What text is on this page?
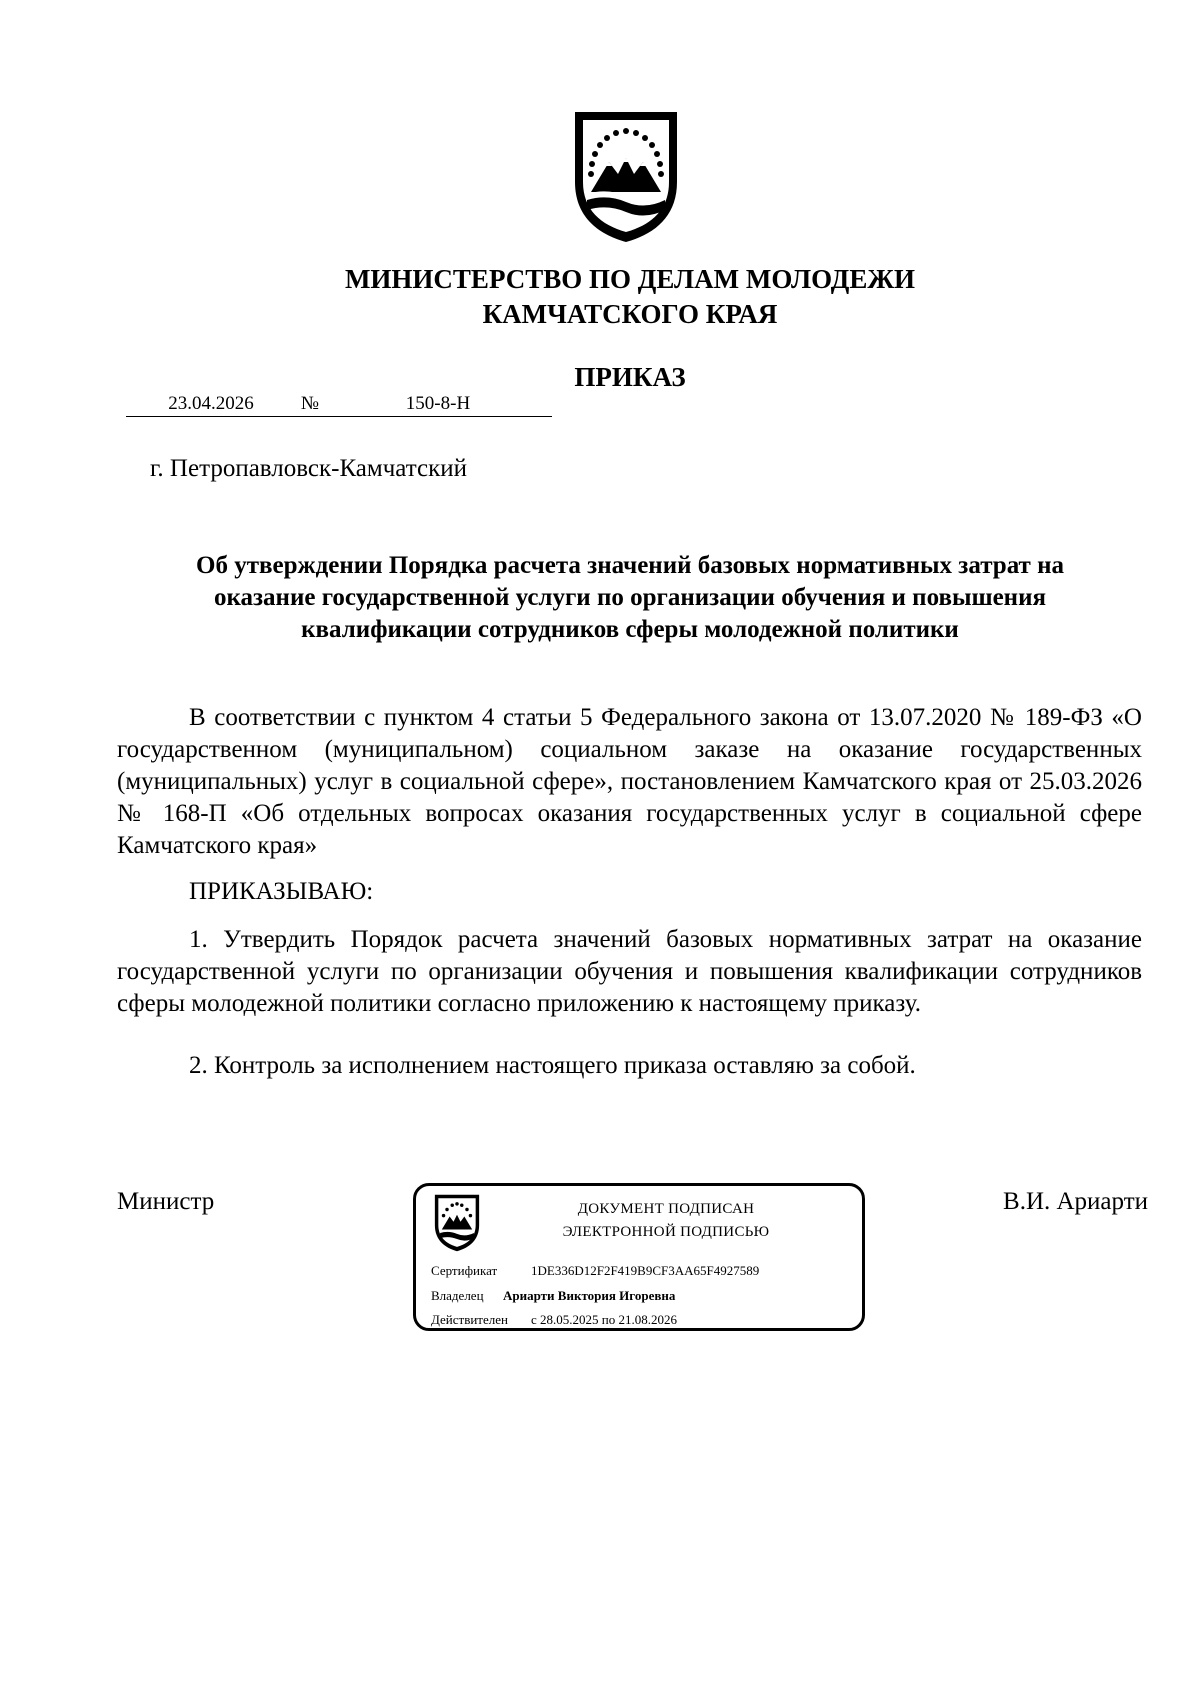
МИНИСТЕРСТВО ПО ДЕЛАМ МОЛОДЕЖИ
КАМЧАТСКОГО КРАЯ
ПРИКАЗ
23.04.2026	№	150-8-Н
г. Петропавловск-Камчатский
Об утверждении Порядка расчета значений базовых нормативных затрат на
оказание государственной услуги по организации обучения и повышения
квалификации сотрудников сферы молодежной политики
В соответствии с пунктом 4 статьи 5 Федерального закона от 13.07.2020 № 189-ФЗ «О государственном (муниципальном) социальном заказе на оказание государственных (муниципальных) услуг в социальной сфере», постановлением Камчатского края от 25.03.2026 № 168-П «Об отдельных вопросах оказания государственных услуг в социальной сфере Камчатского края»
ПРИКАЗЫВАЮ:
1. Утвердить Порядок расчета значений базовых нормативных затрат на оказание государственной услуги по организации обучения и повышения квалификации сотрудников сферы молодежной политики согласно приложению к настоящему приказу.
2. Контроль за исполнением настоящего приказа оставляю за собой.
Министр	В.И. Ариарти
ДОКУМЕНТ ПОДПИСАН
ЭЛЕКТРОННОЙ ПОДПИСЬЮ
Сертификат	1DE336D12F2F419B9CF3AA65F4927589
Владелец Ариарти Виктория Игоревна
Действителен с 28.05.2025 по 21.08.2026
